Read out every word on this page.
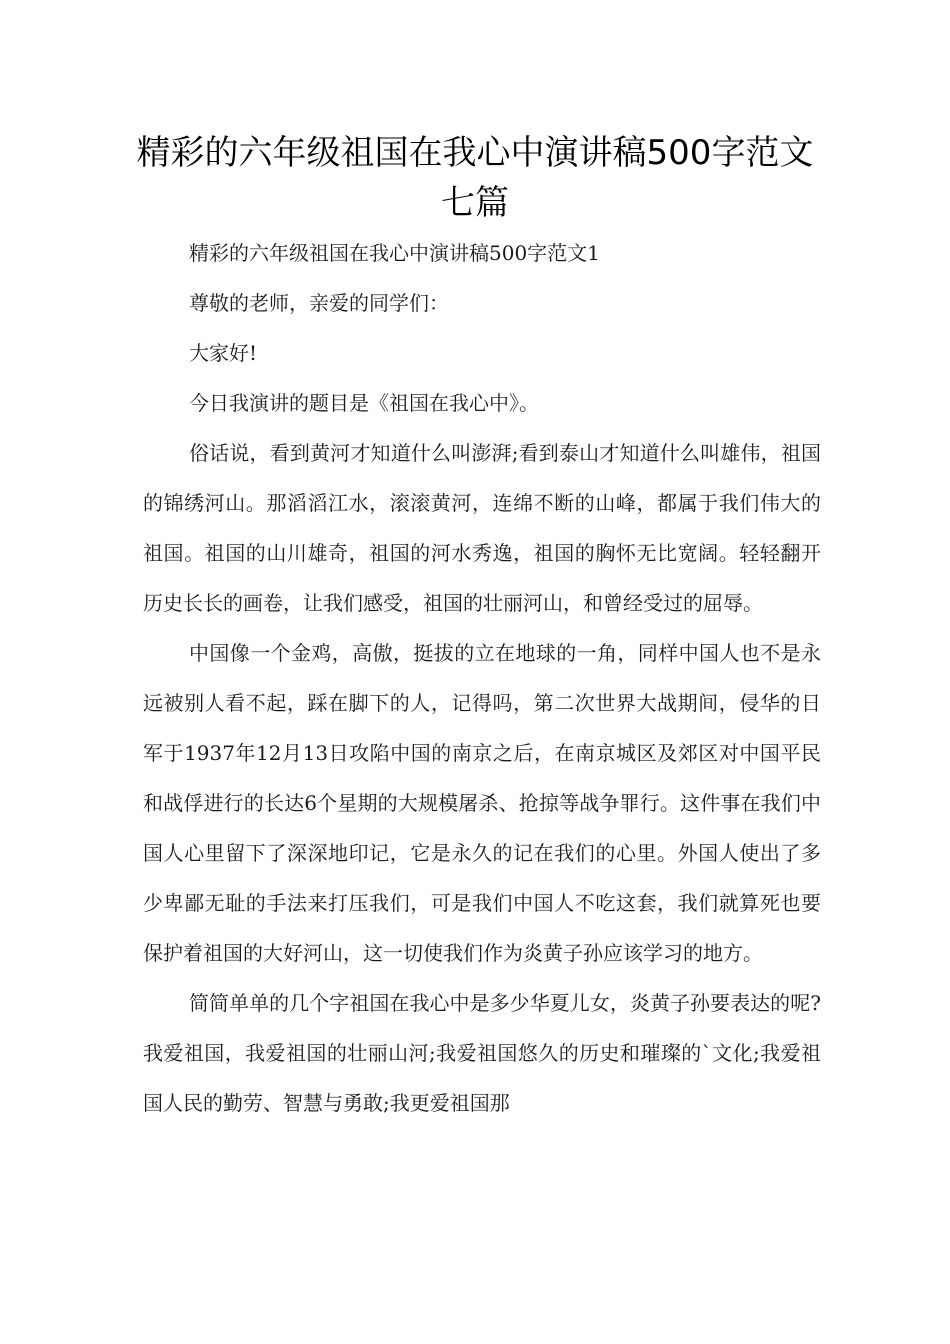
精彩的六年级祖国在我心中演讲稿500字范文七篇

精彩的六年级祖国在我心中演讲稿500字范文1

尊敬的老师，亲爱的同学们：

大家好!

今日我演讲的题目是《祖国在我心中》。

俗话说，看到黄河才知道什么叫澎湃;看到泰山才知道什么叫雄伟，祖国的锦绣河山。那滔滔江水，滚滚黄河，连绵不断的山峰，都属于我们伟大的祖国。祖国的山川雄奇，祖国的河水秀逸，祖国的胸怀无比宽阔。轻轻翻开历史长长的画卷，让我们感受，祖国的壮丽河山，和曾经受过的屈辱。

中国像一个金鸡，高傲，挺拔的立在地球的一角，同样中国人也不是永远被别人看不起，踩在脚下的人，记得吗，第二次世界大战期间，侵华的日军于1937年12月13日攻陷中国的南京之后，在南京城区及郊区对中国平民和战俘进行的长达6个星期的大规模屠杀、抢掠等战争罪行。这件事在我们中国人心里留下了深深地印记，它是永久的记在我们的心里。外国人使出了多少卑鄙无耻的手法来打压我们，可是我们中国人不吃这套，我们就算死也要保护着祖国的大好河山，这一切使我们作为炎黄子孙应该学习的地方。

简简单单的几个字祖国在我心中是多少华夏儿女，炎黄子孙要表达的呢?　　我爱祖国，我爱祖国的壮丽山河;我爱祖国悠久的历史和璀璨的`文化;我爱祖国人民的勤劳、智慧与勇敢;我更爱祖国那
